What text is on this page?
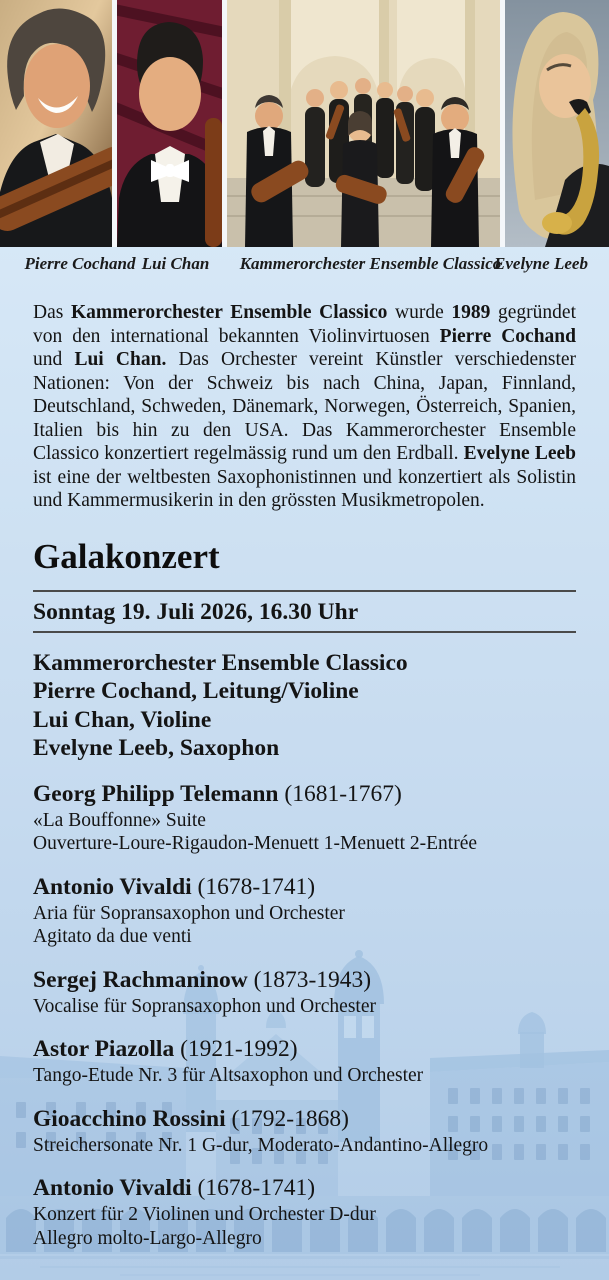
Pierre Cochand Lui Chan	Kammerorchester Ensemble Classico
Evelyne Leeb

Das Kammerorchester Ensemble Classico wurde 1989 gegründet von den international bekannten Violinvirtuosen Pierre Cochand und Lui Chan. Das Orchester vereint Künstler verschiedenster Nationen: Von der Schweiz bis nach China, Japan, Finnland, Deutschland, Schweden, Dänemark, Norwegen, Österreich, Spanien, Italien bis hin zu den USA. Das Kammerorchester Ensemble Classico konzertiert regelmässig rund um den Erdball. Evelyne Leeb ist eine der weltbesten Saxophonistinnen und konzertiert als Solistin und Kammermusikerin in den grössten Musikmetropolen.

Galakonzert
Sonntag 19. Juli 2026, 16.30 Uhr
Kammerorchester Ensemble Classico
Pierre Cochand, Leitung/Violine
Lui Chan, Violine
Evelyne Leeb, Saxophon
Georg Philipp Telemann (1681-1767)
«La Bouffonne» Suite
Ouverture-Loure-Rigaudon-Menuett 1-Menuett 2-Entrée
Antonio Vivaldi (1678-1741)
Aria für Sopransaxophon und Orchester
Agitato da due venti
Sergej Rachmaninow (1873-1943)
Vocalise für Sopransaxophon und Orchester
Astor Piazolla (1921-1992)
Tango-Etude Nr. 3 für Altsaxophon und Orchester
Gioacchino Rossini (1792-1868)
Streichersonate Nr. 1 G-dur, Moderato-Andantino-Allegro
Antonio Vivaldi (1678-1741)
Konzert für 2 Violinen und Orchester D-dur
Allegro molto-Largo-Allegro
